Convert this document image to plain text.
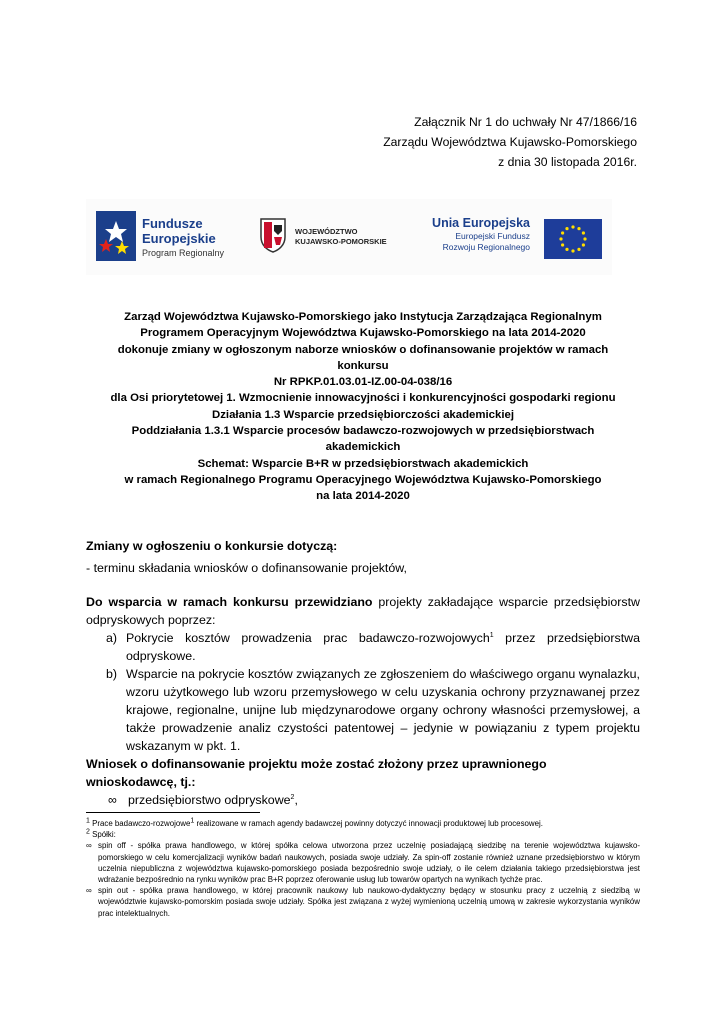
Załącznik Nr 1 do uchwały Nr 47/1866/16
Zarządu Województwa Kujawsko-Pomorskiego
z dnia 30 listopada 2016r.
Fundusze
Europejskie
Program Regionalny
WOJEWÓDZTWO
KUJAWSKO-POMORSKIE
Unia Europejska
Europejski Fundusz
Rozwoju Regionalnego

Zarząd Województwa Kujawsko-Pomorskiego jako Instytucja Zarządzająca Regionalnym

Programem Operacyjnym Województwa Kujawsko-Pomorskiego na lata 2014-2020

dokonuje zmiany w ogłoszonym naborze wniosków o dofinansowanie projektów w ramach

konkursu

Nr RPKP.01.03.01-IZ.00-04-038/16

dla Osi priorytetowej 1. Wzmocnienie innowacyjności i konkurencyjności gospodarki regionu

Działania 1.3 Wsparcie przedsiębiorczości akademickiej

Poddziałania 1.3.1 Wsparcie procesów badawczo-rozwojowych w przedsiębiorstwach

akademickich

Schemat: Wsparcie B+R w przedsiębiorstwach akademickich

w ramach Regionalnego Programu Operacyjnego Województwa Kujawsko-Pomorskiego

na lata 2014-2020

Zmiany w ogłoszeniu o konkursie dotyczą:

- terminu składania wniosków o dofinansowanie projektów,

Do wsparcia w ramach konkursu przewidziano projekty zakładające wsparcie przedsiębiorstw odpryskowych poprzez:

a) Pokrycie kosztów prowadzenia prac badawczo-rozwojowych$^1$ przez przedsiębiorstwa odpryskowe.
b) Wsparcie na pokrycie kosztów związanych ze zgłoszeniem do właściwego organu wynalazku, wzoru użytkowego lub wzoru przemysłowego w celu uzyskania ochrony przyznawanej przez krajowe, regionalne, unijne lub międzynarodowe organy ochrony własności przemysłowej, a także prowadzenie analiz czystości patentowej – jedynie w powiązaniu z typem projektu wskazanym w pkt. 1.

Wniosek o dofinansowanie projektu może zostać złożony przez uprawnionego wnioskodawcę, tj.:

∞ przedsiębiorstwo odpryskowe$^2$,

$^1$ Prace badawczo-rozwojowe$^1$ realizowane w ramach agendy badawczej powinny dotyczyć innowacji produktowej lub procesowej.

$^2$ Spółki:

∞ spin off - spółka prawa handlowego, w której spółka celowa utworzona przez uczelnię posiadającą siedzibę na terenie województwa kujawsko-pomorskiego w celu komercjalizacji wyników badań naukowych, posiada swoje udziały. Za spin-off zostanie również uznane przedsiębiorstwo w którym uczelnia niepubliczna z województwa kujawsko-pomorskiego posiada bezpośrednio swoje udziały, o ile celem działania takiego przedsiębiorstwa jest wdrażanie bezpośrednio na rynku wyników prac B+R poprzez oferowanie usług lub towarów opartych na wynikach tychże prac.
∞ spin out - spółka prawa handlowego, w której pracownik naukowy lub naukowo-dydaktyczny będący w stosunku pracy z uczelnią z siedzibą w województwie kujawsko-pomorskim posiada swoje udziały. Spółka jest związana z wyżej wymienioną uczelnią umową w zakresie wykorzystania wyników prac intelektualnych.
